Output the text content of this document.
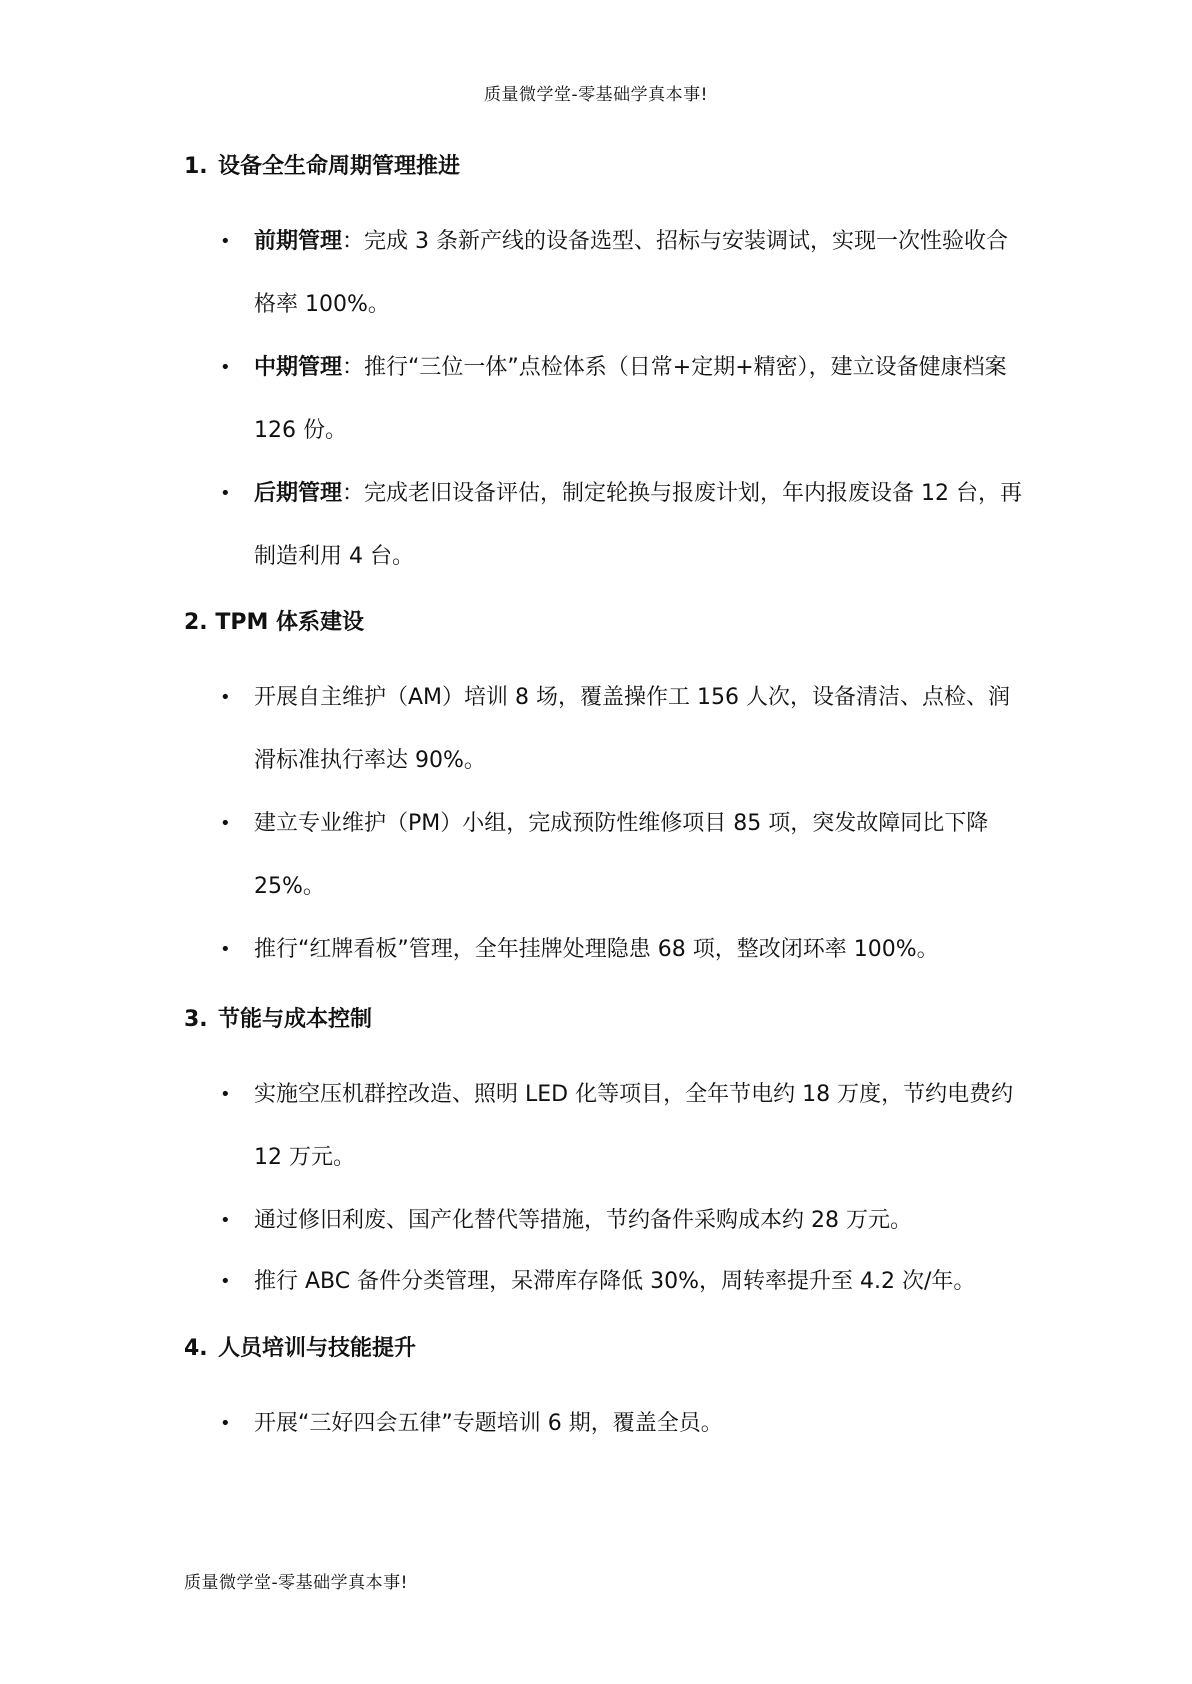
质量微学堂-零基础学真本事!
1. 设备全生命周期管理推进
• 前期管理：完成 3 条新产线的设备选型、招标与安装调试，实现一次性验收合格率 100%。
• 中期管理：推行“三位一体”点检体系（日常+定期+精密），建立设备健康档案 126 份。
• 后期管理：完成老旧设备评估，制定轮换与报废计划，年内报废设备 12 台，再制造利用 4 台。
2. TPM 体系建设
• 开展自主维护（AM）培训 8 场，覆盖操作工 156 人次，设备清洁、点检、润滑标准执行率达 90%。
• 建立专业维护（PM）小组，完成预防性维修项目 85 项，突发故障同比下降 25%。
• 推行“红牌看板”管理，全年挂牌处理隐患 68 项，整改闭环率 100%。
3. 节能与成本控制
• 实施空压机群控改造、照明 LED 化等项目，全年节电约 18 万度，节约电费约 12 万元。
• 通过修旧利废、国产化替代等措施，节约备件采购成本约 28 万元。
• 推行 ABC 备件分类管理，呆滞库存降低 30%，周转率提升至 4.2 次/年。
4. 人员培训与技能提升
• 开展“三好四会五律”专题培训 6 期，覆盖全员。
质量微学堂-零基础学真本事!
